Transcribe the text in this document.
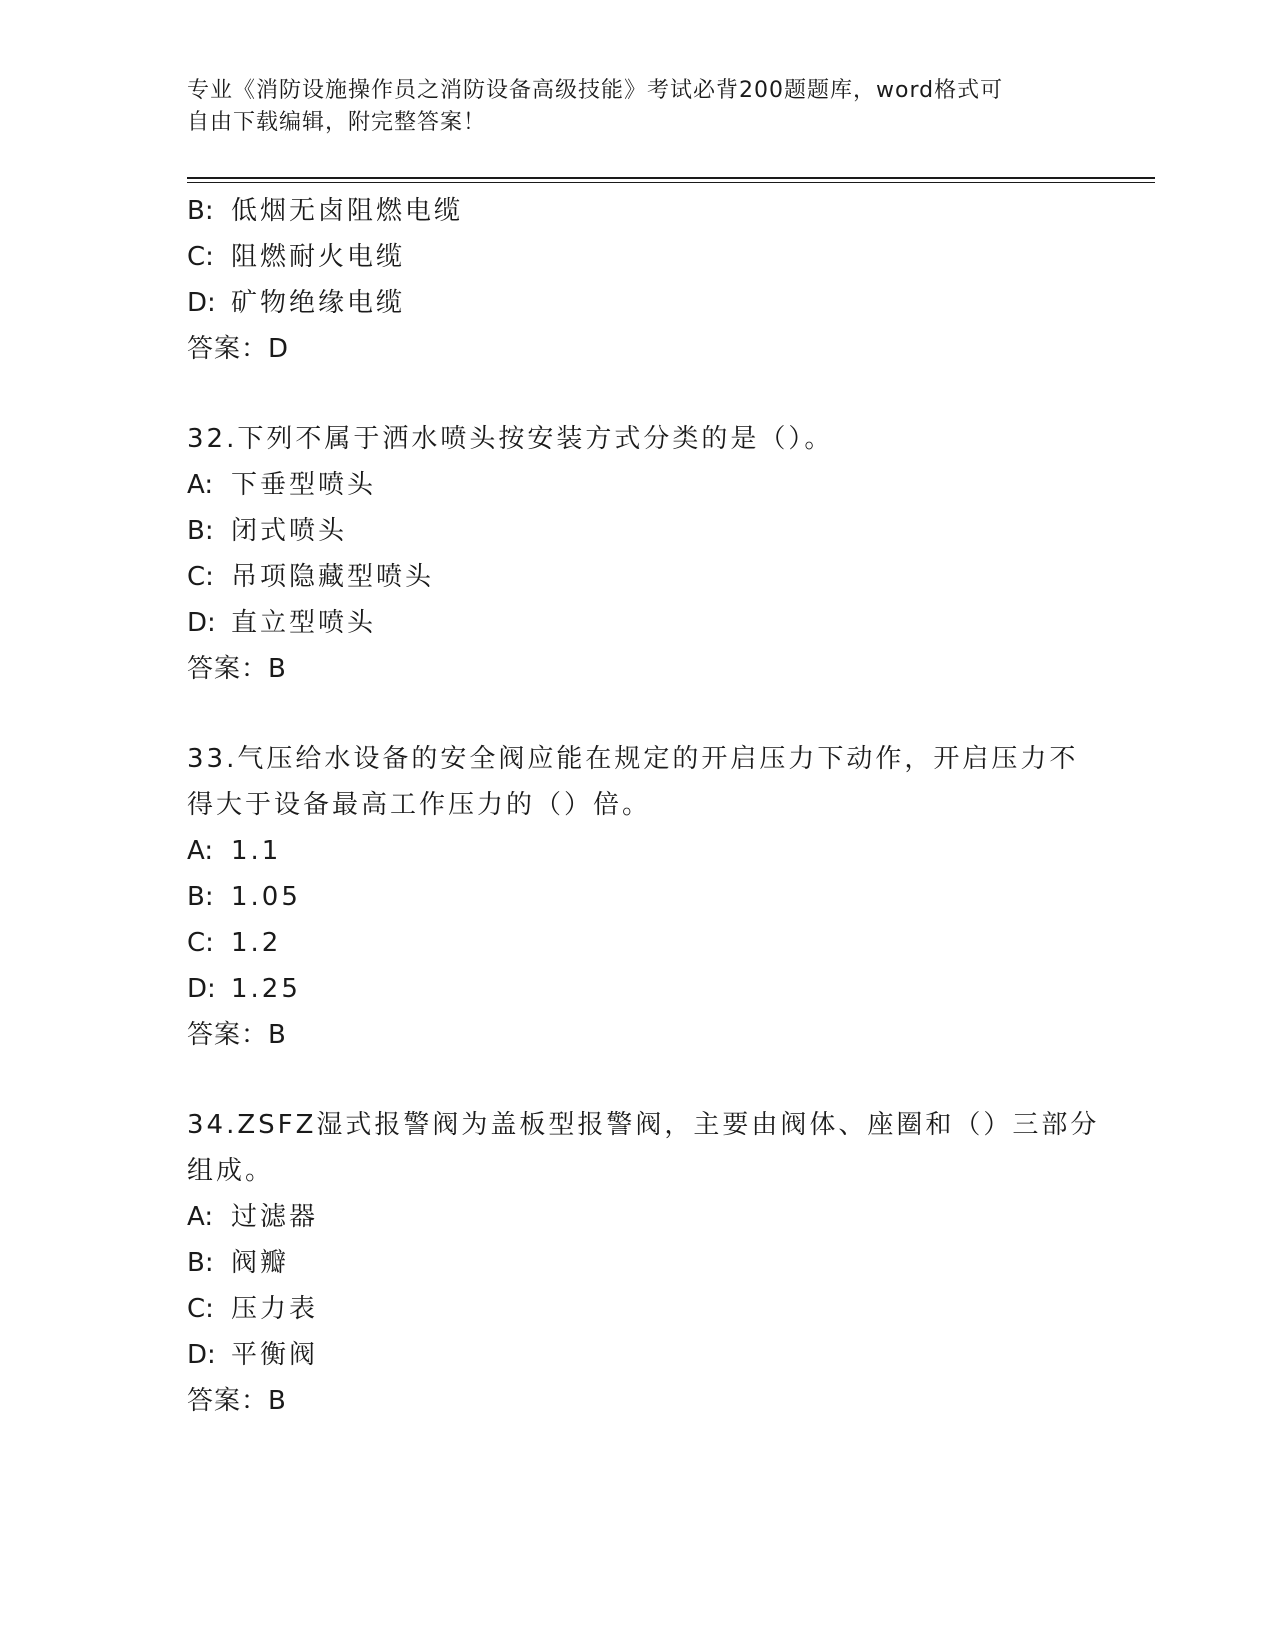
专业《消防设施操作员之消防设备高级技能》考试必背200题题库，word格式可
自由下载编辑，附完整答案！
B: 低烟无卤阻燃电缆
C: 阻燃耐火电缆
D: 矿物绝缘电缆
答案：D
32.下列不属于洒水喷头按安装方式分类的是（）。
A: 下垂型喷头
B: 闭式喷头
C: 吊项隐藏型喷头
D: 直立型喷头
答案：B
33.气压给水设备的安全阀应能在规定的开启压力下动作，开启压力不
得大于设备最高工作压力的（）倍。
A: 1.1
B: 1.05
C: 1.2
D: 1.25
答案：B
34.ZSFZ湿式报警阀为盖板型报警阀，主要由阀体、座圈和（）三部分
组成。
A: 过滤器
B: 阀瓣
C: 压力表
D: 平衡阀
答案：B
